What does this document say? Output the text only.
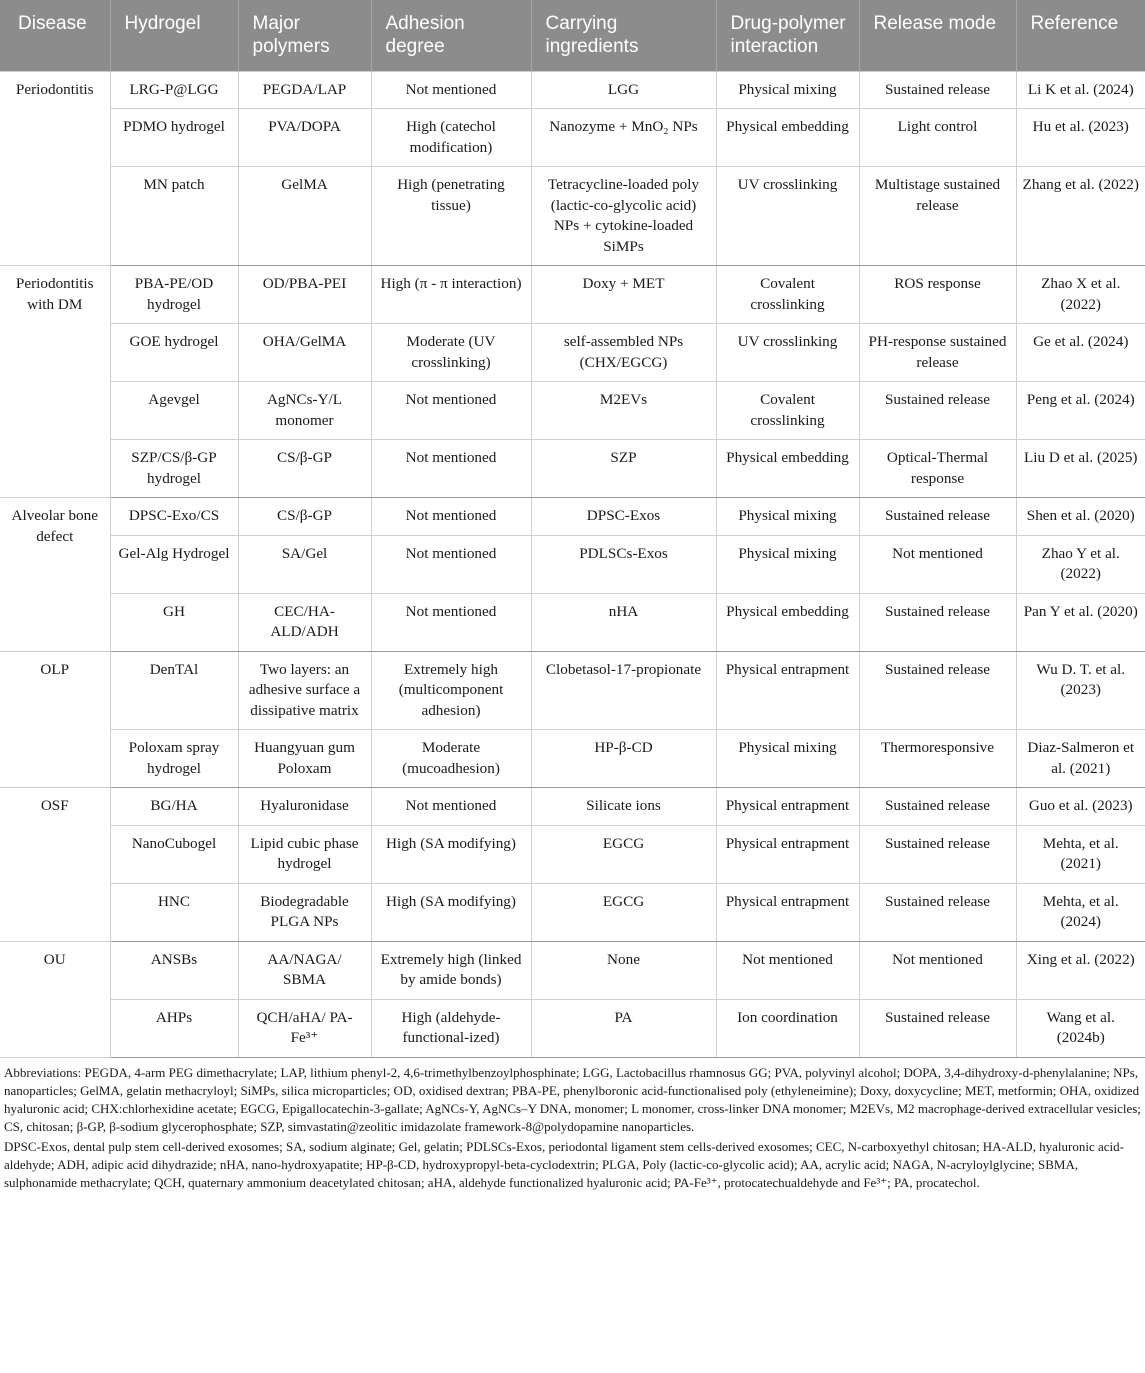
Disease	Hydrogel	Major polymers	Adhesion degree	Carrying ingredients	Drug-polymer interaction	Release mode	Reference
Periodontitis	LRG-P@LGG	PEGDA/LAP	Not mentioned	LGG	Physical mixing	Sustained release	Li K et al. (2024)
	PDMO hydrogel	PVA/DOPA	High (catechol modification)	Nanozyme + MnO₂ NPs	Physical embedding	Light control	Hu et al. (2023)
	MN patch	GelMA	High (penetrating tissue)	Tetracycline-loaded poly (lactic-co-glycolic acid) NPs + cytokine-loaded SiMPs	UV crosslinking	Multistage sustained release	Zhang et al. (2022)
Periodontitis with DM	PBA-PE/OD hydrogel	OD/PBA-PEI	High (π - π interaction)	Doxy + MET	Covalent crosslinking	ROS response	Zhao X et al. (2022)
	GOE hydrogel	OHA/GelMA	Moderate (UV crosslinking)	self-assembled NPs (CHX/EGCG)	UV crosslinking	PH-response sustained release	Ge et al. (2024)
	Agevgel	AgNCs-Y/L monomer	Not mentioned	M2EVs	Covalent crosslinking	Sustained release	Peng et al. (2024)
	SZP/CS/β-GP hydrogel	CS/β-GP	Not mentioned	SZP	Physical embedding	Optical-Thermal response	Liu D et al. (2025)
Alveolar bone defect	DPSC-Exo/CS	CS/β-GP	Not mentioned	DPSC-Exos	Physical mixing	Sustained release	Shen et al. (2020)
	Gel-Alg Hydrogel	SA/Gel	Not mentioned	PDLSCs-Exos	Physical mixing	Not mentioned	Zhao Y et al. (2022)
	GH	CEC/HA-ALD/ADH	Not mentioned	nHA	Physical embedding	Sustained release	Pan Y et al. (2020)
OLP	DenTAl	Two layers: an adhesive surface a dissipative matrix	Extremely high (multicomponent adhesion)	Clobetasol-17-propionate	Physical entrapment	Sustained release	Wu D. T. et al. (2023)
	Poloxam spray hydrogel	Huangyuan gum Poloxam	Moderate (mucoadhesion)	HP-β-CD	Physical mixing	Thermoresponsive	Diaz-Salmeron et al. (2021)
OSF	BG/HA	Hyaluronidase	Not mentioned	Silicate ions	Physical entrapment	Sustained release	Guo et al. (2023)
	NanoCubogel	Lipid cubic phase hydrogel	High (SA modifying)	EGCG	Physical entrapment	Sustained release	Mehta, et al. (2021)
	HNC	Biodegradable PLGA NPs	High (SA modifying)	EGCG	Physical entrapment	Sustained release	Mehta, et al. (2024)
OU	ANSBs	AA/NAGA/ SBMA	Extremely high (linked by amide bonds)	None	Not mentioned	Not mentioned	Xing et al. (2022)
	AHPs	QCH/aHA/ PA-Fe³⁺	High (aldehyde-functional-ized)	PA	Ion coordination	Sustained release	Wang et al. (2024b)

Abbreviations: PEGDA, 4-arm PEG dimethacrylate; LAP, lithium phenyl-2, 4,6-trimethylbenzoylphosphinate; LGG, Lactobacillus rhamnosus GG; PVA, polyvinyl alcohol; DOPA, 3,4-dihydroxy-d-phenylalanine; NPs, nanoparticles; GelMA, gelatin methacryloyl; SiMPs, silica microparticles; OD, oxidised dextran; PBA-PE, phenylboronic acid-functionalised poly (ethyleneimine); Doxy, doxycycline; MET, metformin; OHA, oxidized hyaluronic acid; CHX:chlorhexidine acetate; EGCG, Epigallocatechin-3-gallate; AgNCs-Y, AgNCs–Y DNA, monomer; L monomer, cross-linker DNA monomer; M2EVs, M2 macrophage-derived extracellular vesicles; CS, chitosan; β-GP, β-sodium glycerophosphate; SZP, simvastatin@zeolitic imidazolate framework-8@polydopamine nanoparticles.

DPSC-Exos, dental pulp stem cell-derived exosomes; SA, sodium alginate; Gel, gelatin; PDLSCs-Exos, periodontal ligament stem cells-derived exosomes; CEC, N-carboxyethyl chitosan; HA-ALD, hyaluronic acid-aldehyde; ADH, adipic acid dihydrazide; nHA, nano-hydroxyapatite; HP-β-CD, hydroxypropyl-beta-cyclodextrin; PLGA, Poly (lactic-co-glycolic acid); AA, acrylic acid; NAGA, N-acryloylglycine; SBMA, sulphonamide methacrylate; QCH, quaternary ammonium deacetylated chitosan; aHA, aldehyde functionalized hyaluronic acid; PA-Fe³⁺, protocatechualdehyde and Fe³⁺; PA, procatechol.
